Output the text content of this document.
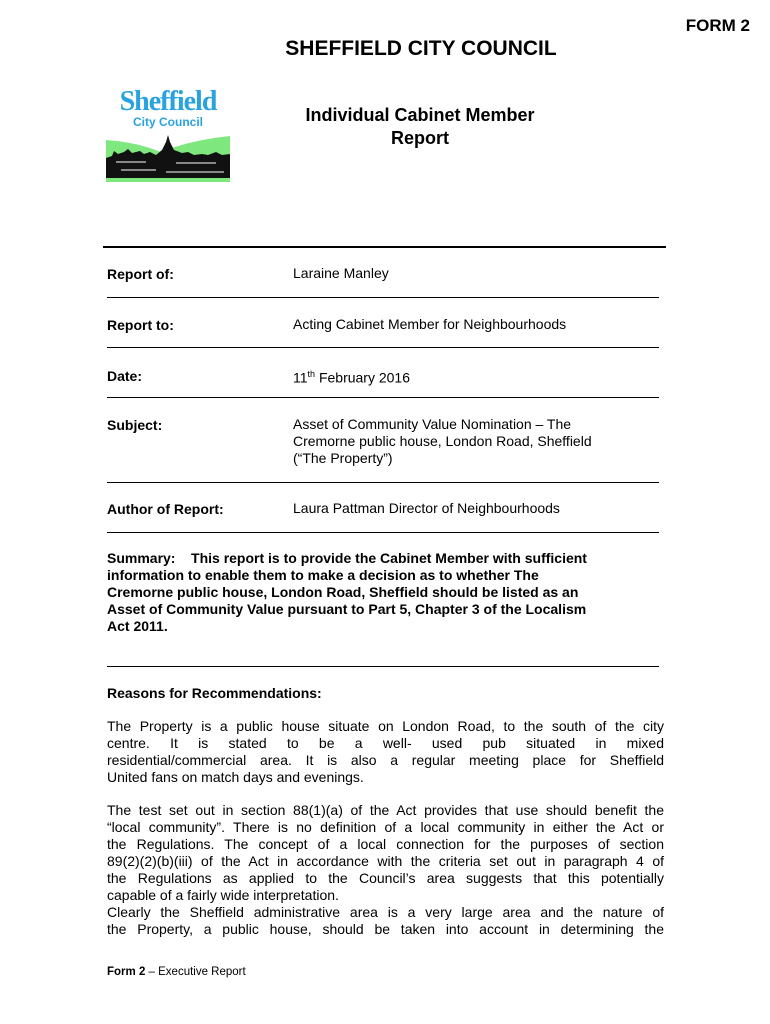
FORM 2
SHEFFIELD CITY COUNCIL
Sheffield
City Council	Individual Cabinet Member
Report
Report of:	Laraine Manley
Report to:	Acting Cabinet Member for Neighbourhoods
Date:	11th February 2016
Subject:	Asset of Community Value Nomination – The
Cremorne public house, London Road, Sheffield
(“The Property”)
Author of Report:	Laura Pattman Director of Neighbourhoods
Summary: This report is to provide the Cabinet Member with sufficient
information to enable them to make a decision as to whether The
Cremorne public house, London Road, Sheffield should be listed as an
Asset of Community Value pursuant to Part 5, Chapter 3 of the Localism
Act 2011.
Reasons for Recommendations:
The Property is a public house situate on London Road, to the south of the city
centre. It is stated to be a well- used pub situated in mixed
residential/commercial area. It is also a regular meeting place for Sheffield
United fans on match days and evenings.
The test set out in section 88(1)(a) of the Act provides that use should benefit the
“local community”. There is no definition of a local community in either the Act or
the Regulations. The concept of a local connection for the purposes of section
89(2)(2)(b)(iii) of the Act in accordance with the criteria set out in paragraph 4 of
the Regulations as applied to the Council’s area suggests that this potentially
capable of a fairly wide interpretation.
Clearly the Sheffield administrative area is a very large area and the nature of
the Property, a public house, should be taken into account in determining the
Form 2 – Executive Report
